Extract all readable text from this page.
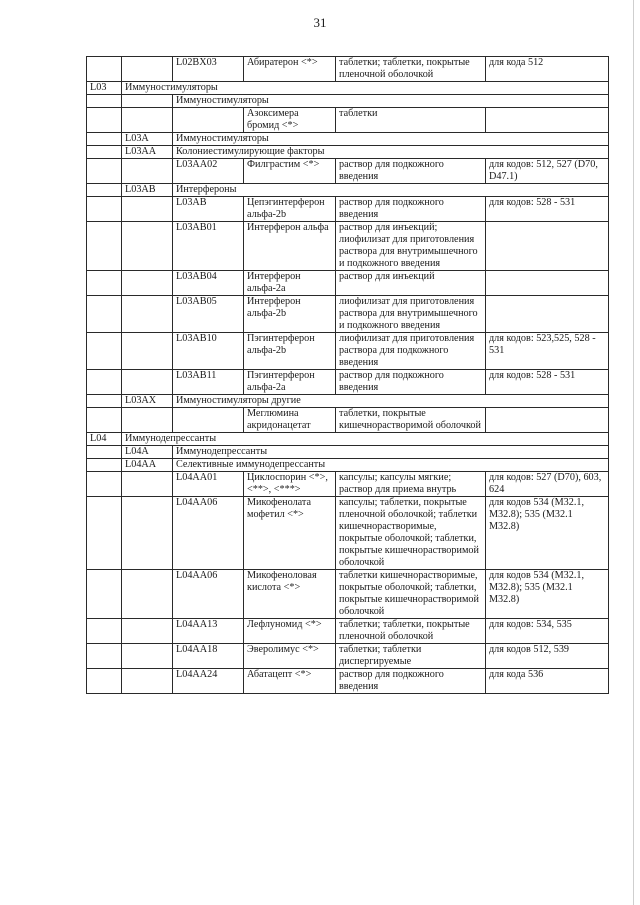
31
		L02BX03	Абиратерон <*>	таблетки; таблетки, покрытые пленочной оболочкой	для кода 512
L03	Иммуностимуляторы				
		Иммуностимуляторы			
			Азоксимера бромид <*>	таблетки	
	L03A	Иммуностимуляторы			
	L03AA	Колониестимулирующие факторы			
		L03AA02	Филграстим <*>	раствор для подкожного введения	для кодов: 512, 527 (D70, D47.1)
	L03AB	Интерфероны			
		L03AB	Цепэгинтерферон альфа-2b	раствор для подкожного введения	для кодов: 528 - 531
		L03AB01	Интерферон альфа	раствор для инъекций; лиофилизат для приготовления раствора для внутримышечного и подкожного введения	
		L03AB04	Интерферон альфа-2а	раствор для инъекций	
		L03AB05	Интерферон альфа-2b	лиофилизат для приготовления раствора для внутримышечного и подкожного введения	
		L03AB10	Пэгинтерферон альфа-2b	лиофилизат для приготовления раствора для подкожного введения	для кодов: 523,525, 528 - 531
		L03AB11	Пэгинтерферон альфа-2а	раствор для подкожного введения	для кодов: 528 - 531
	L03AX	Иммуностимуляторы другие			
			Меглюмина акридонацетат	таблетки, покрытые кишечнорастворимой оболочкой	
L04	Иммунодепрессанты				
	L04A	Иммунодепрессанты			
	L04AA	Селективные иммунодепрессанты			
		L04AA01	Циклоспорин <*>, <**>, <***>	капсулы; капсулы мягкие; раствор для приема внутрь	для кодов: 527 (D70), 603, 624
		L04AA06	Микофенолата мофетил <*>	капсулы; таблетки, покрытые пленочной оболочкой; таблетки кишечнорастворимые, покрытые оболочкой; таблетки, покрытые кишечнорастворимой оболочкой	для кодов 534 (M32.1, M32.8); 535 (M32.1 M32.8)
		L04AA06	Микофеноловая кислота <*>	таблетки кишечнорастворимые, покрытые оболочкой; таблетки, покрытые кишечнорастворимой оболочкой	для кодов 534 (M32.1, M32.8); 535 (M32.1 M32.8)
		L04AA13	Лефлуномид <*>	таблетки; таблетки, покрытые пленочной оболочкой	для кодов: 534, 535
		L04AA18	Эверолимус <*>	таблетки; таблетки диспергируемые	для кодов 512, 539
		L04AA24	Абатацепт <*>	раствор для подкожного введения	для кода 536
